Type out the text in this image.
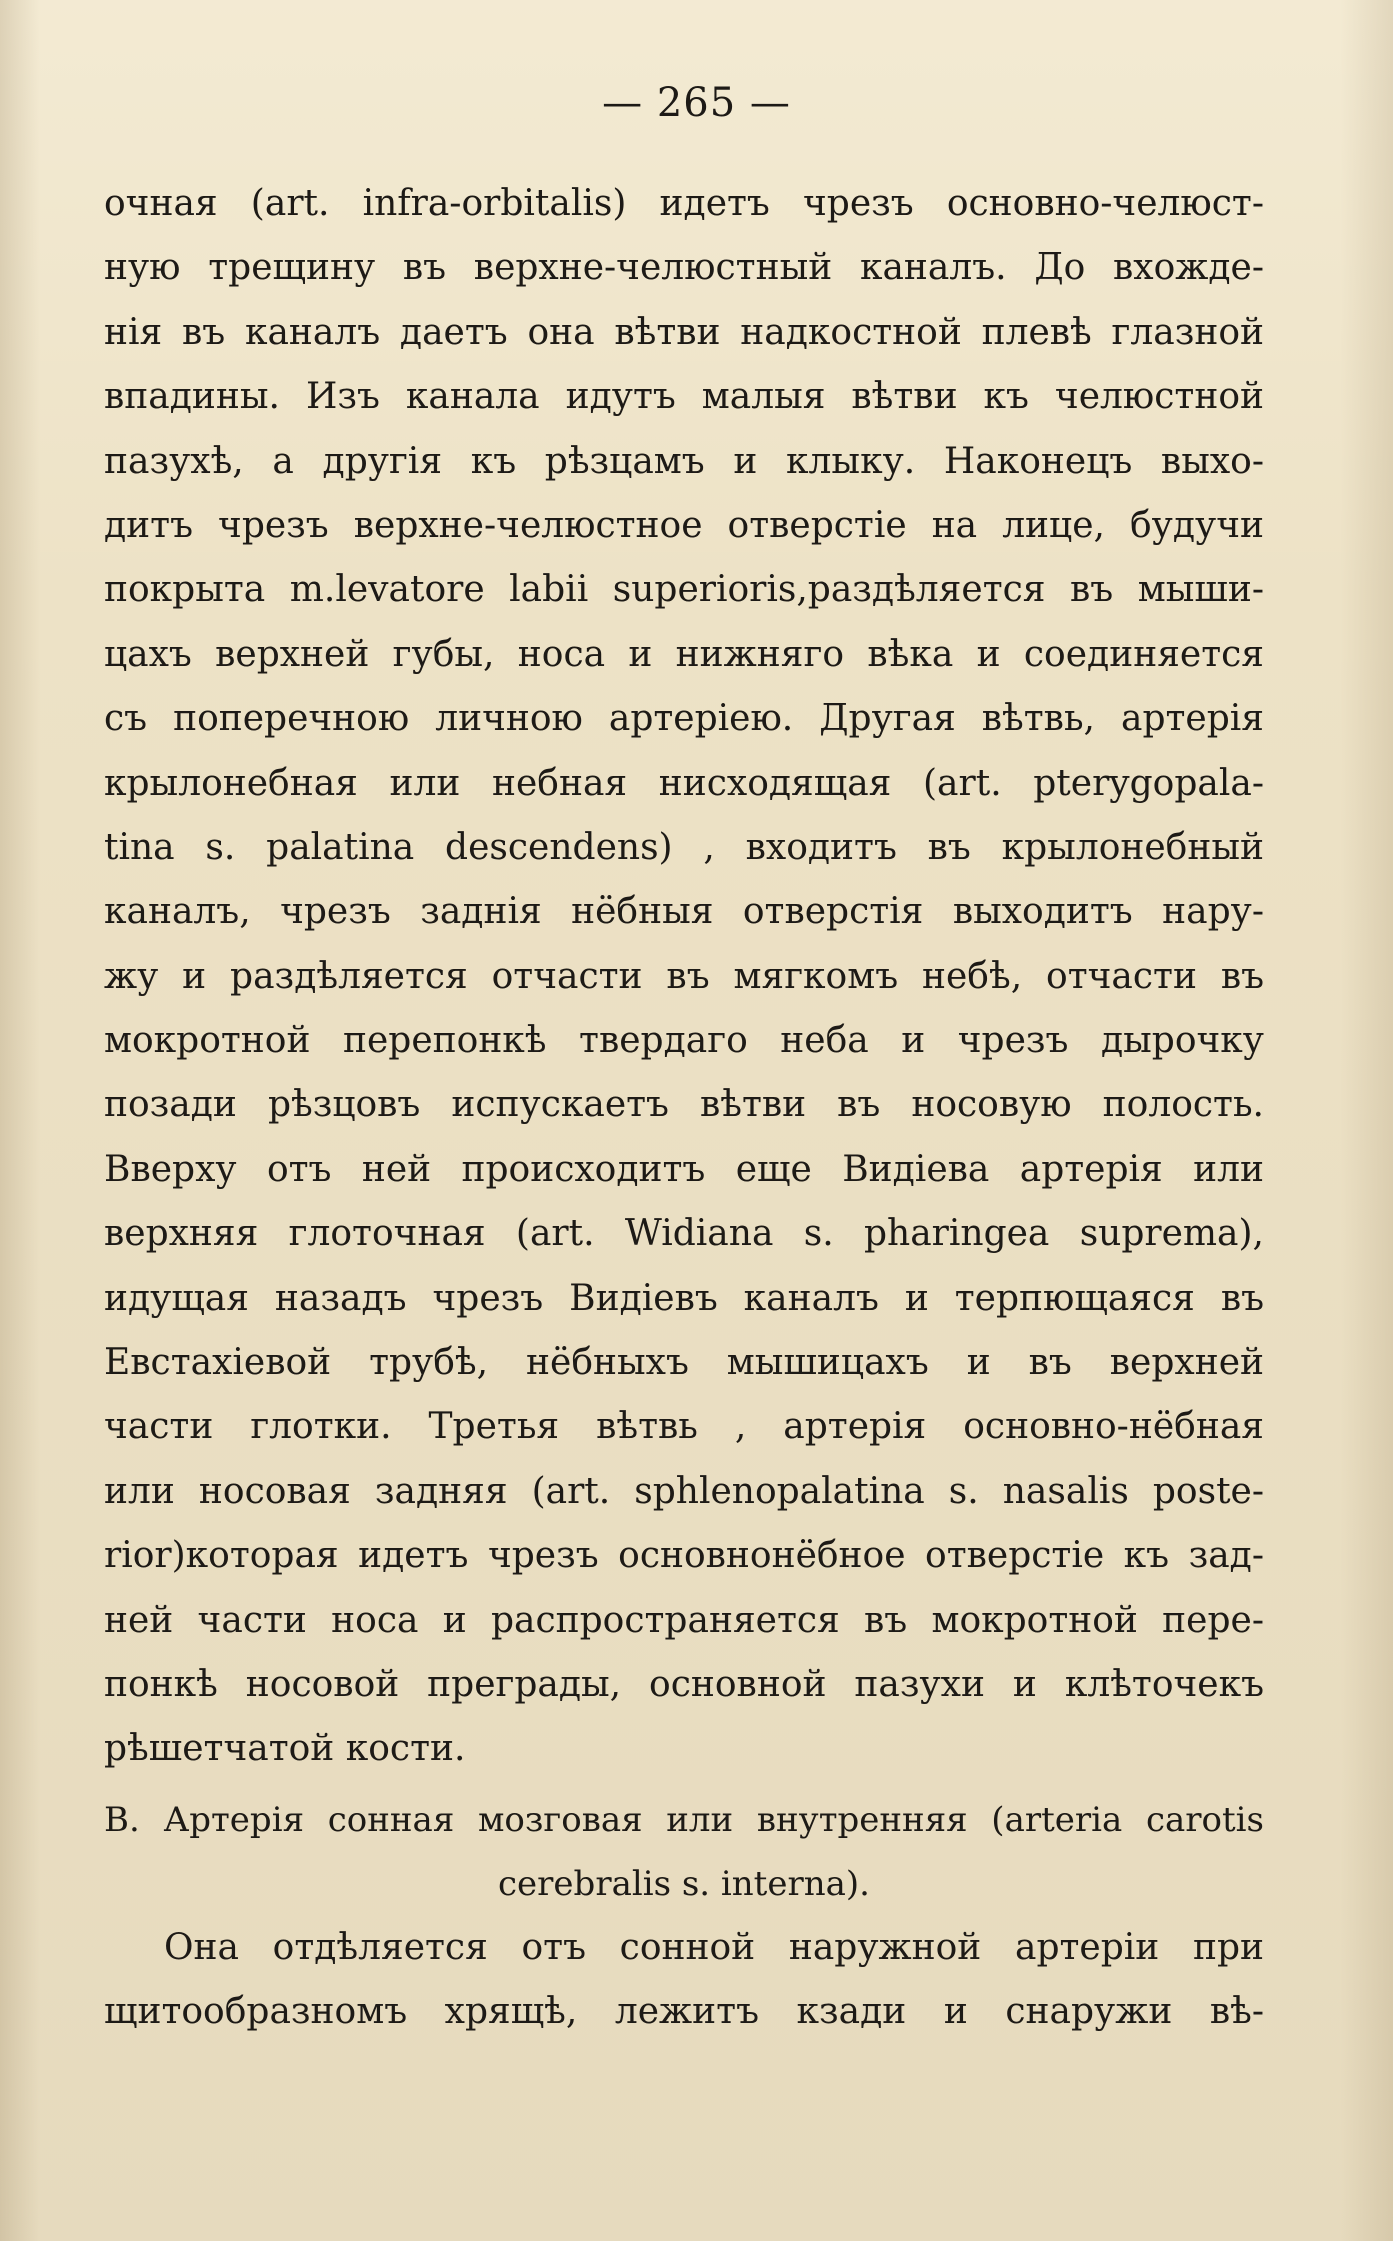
— 265 —
очная (art. infra-orbitalis) идетъ чрезъ основно-челюст-
ную трещину въ верхне-челюстный каналъ. До вхожде-
нія въ каналъ даетъ она вѣтви надкостной плевѣ глазной
впадины. Изъ канала идутъ малыя вѣтви къ челюстной
пазухѣ, а другія къ рѣзцамъ и клыку. Наконецъ выхо-
дитъ чрезъ верхне-челюстное отверстіе на лице, будучи
покрыта m.levatore labii superioris,раздѣляется въ мыши-
цахъ верхней губы, носа и нижняго вѣка и соединяется
съ поперечною личною артеріею. Другая вѣтвь, артерія
крылонебная или небная нисходящая (art. pterygopala-
tina s. palatina descendens) , входитъ въ крылонебный
каналъ, чрезъ заднія нёбныя отверстія выходитъ нару-
жу и раздѣляется отчасти въ мягкомъ небѣ, отчасти въ
мокротной перепонкѣ твердаго неба и чрезъ дырочку
позади рѣзцовъ испускаетъ вѣтви въ носовую полость.
Вверху отъ ней происходитъ еще Видіева артерія или
верхняя глоточная (art. Widiana s. pharingea suprema),
идущая назадъ чрезъ Видіевъ каналъ и терпющаяся въ
Евстахіевой трубѣ, нёбныхъ мышицахъ и въ верхней
части глотки. Третья вѣтвь , артерія основно-нёбная
или носовая задняя (art. sphlenopalatina s. nasalis poste-
rior)которая идетъ чрезъ основнонёбное отверстіе къ зад-
ней части носа и распространяется въ мокротной пере-
понкѣ носовой преграды, основной пазухи и клѣточекъ
рѣшетчатой кости.
В. Артерія сонная мозговая или внутренняя (arteria carotis
cerebralis s. interna).
Она отдѣляется отъ сонной наружной артеріи при
щитообразномъ хрящѣ, лежитъ кзади и снаружи вѣ-
